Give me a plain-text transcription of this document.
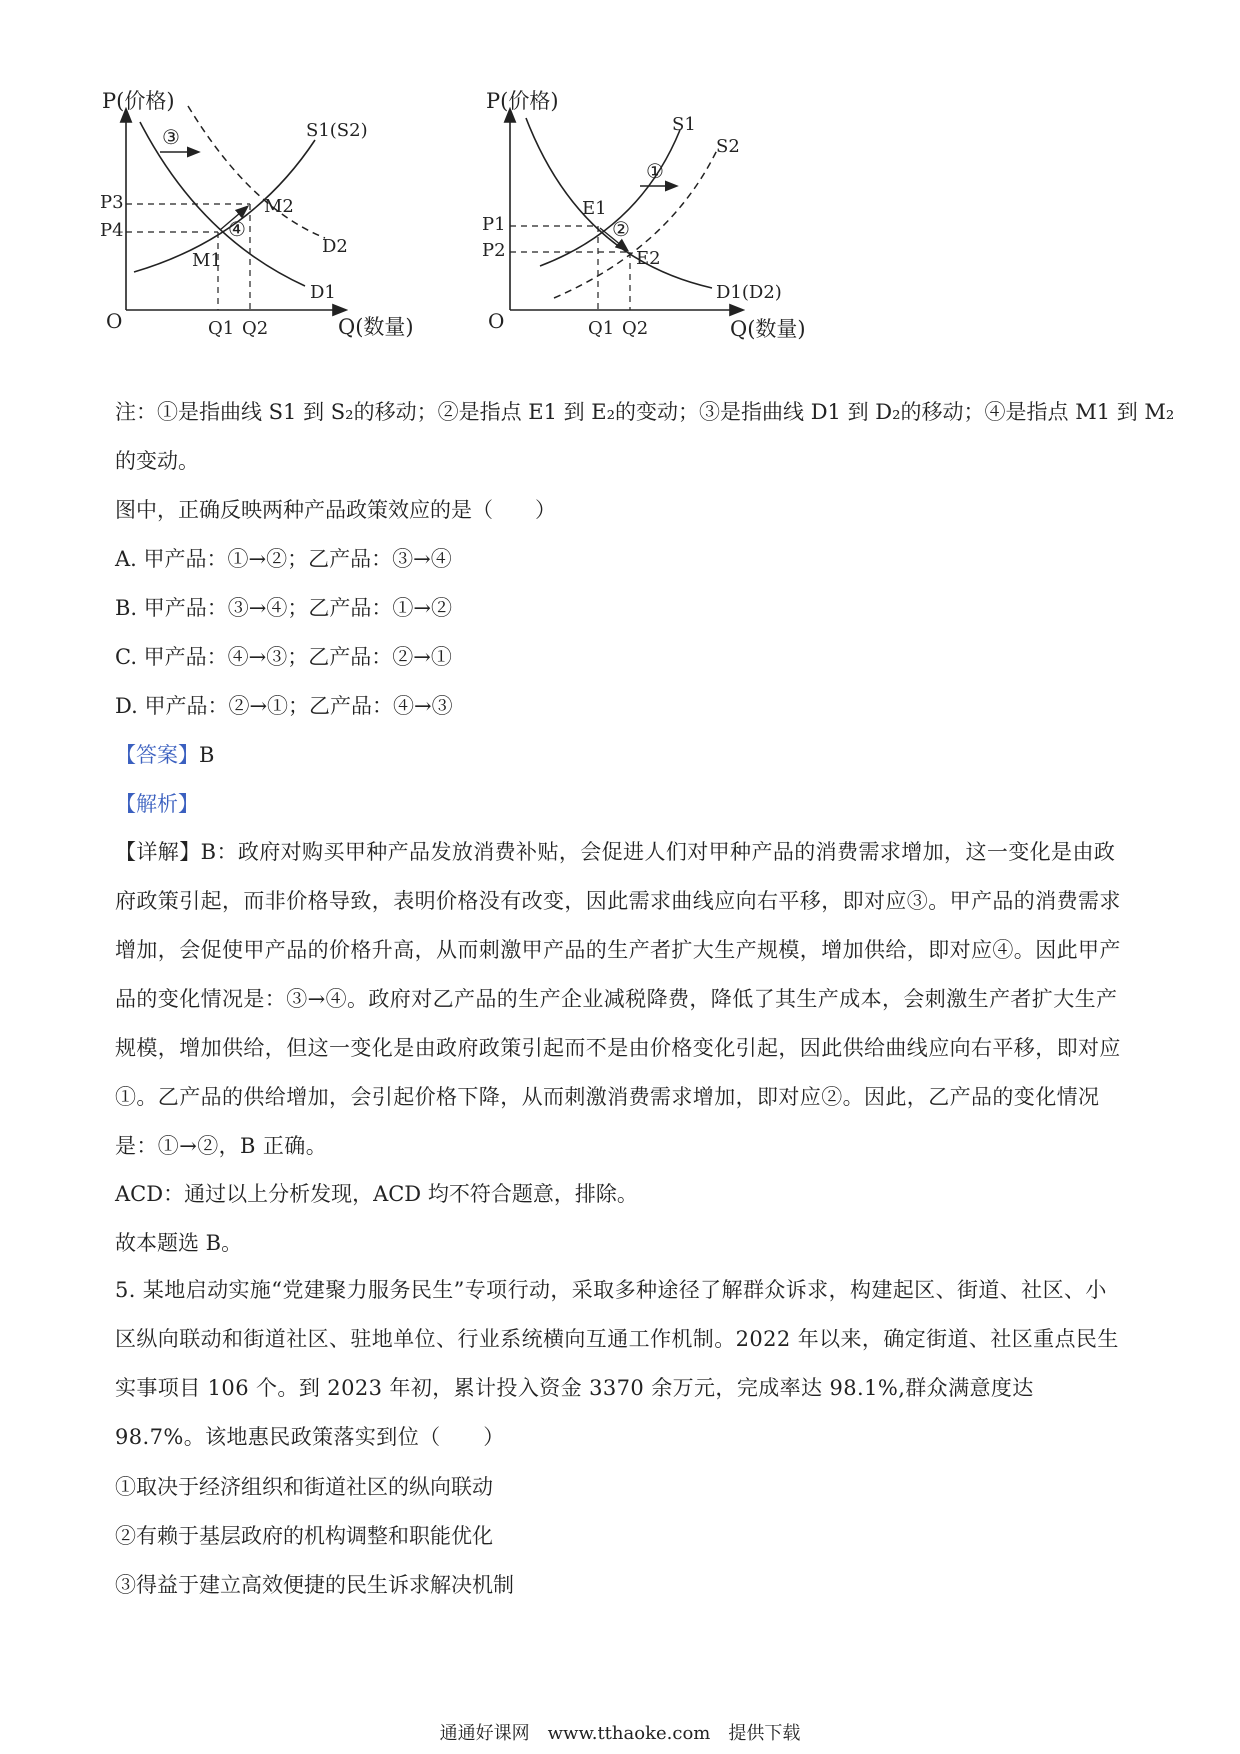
P(价格)
Q(数量)
O
③
④
P3
P4
Q1 Q2
S1(S2)
D1
D2
M1
M2
P(价格)
Q(数量)
O
①
②
P1
P2
Q1 Q2
S1
S2
D1(D2)
E1
E2
注：①是指曲线 S1 到 S₂的移动；②是指点 E1 到 E₂的变动；③是指曲线 D1 到 D₂的移动；④是指点 M1 到 M₂
的变动。
图中，正确反映两种产品政策效应的是（　　）
A. 甲产品：①→②；乙产品：③→④
B. 甲产品：③→④；乙产品：①→②
C. 甲产品：④→③；乙产品：②→①
D. 甲产品：②→①；乙产品：④→③
【答案】B
【解析】
【详解】B：政府对购买甲种产品发放消费补贴，会促进人们对甲种产品的消费需求增加，这一变化是由政府政策引起，而非价格导致，表明价格没有改变，因此需求曲线应向右平移，即对应③。甲产品的消费需求增加，会促使甲产品的价格升高，从而刺激甲产品的生产者扩大生产规模，增加供给，即对应④。因此甲产品的变化情况是：③→④。政府对乙产品的生产企业减税降费，降低了其生产成本，会刺激生产者扩大生产规模，增加供给，但这一变化是由政府政策引起而不是由价格变化引起，因此供给曲线应向右平移，即对应①。乙产品的供给增加，会引起价格下降，从而刺激消费需求增加，即对应②。因此，乙产品的变化情况是：①→②，B 正确。
ACD：通过以上分析发现，ACD 均不符合题意，排除。
故本题选 B。
5. 某地启动实施“党建聚力服务民生”专项行动，采取多种途径了解群众诉求，构建起区、街道、社区、小区纵向联动和街道社区、驻地单位、行业系统横向互通工作机制。2022 年以来，确定街道、社区重点民生实事项目 106 个。到 2023 年初，累计投入资金 3370 余万元，完成率达 98.1%,群众满意度达 98.7%。该地惠民政策落实到位（　　）
①取决于经济组织和街道社区的纵向联动
②有赖于基层政府的机构调整和职能优化
③得益于建立高效便捷的民生诉求解决机制
通通好课网　www.tthaoke.com　提供下载
